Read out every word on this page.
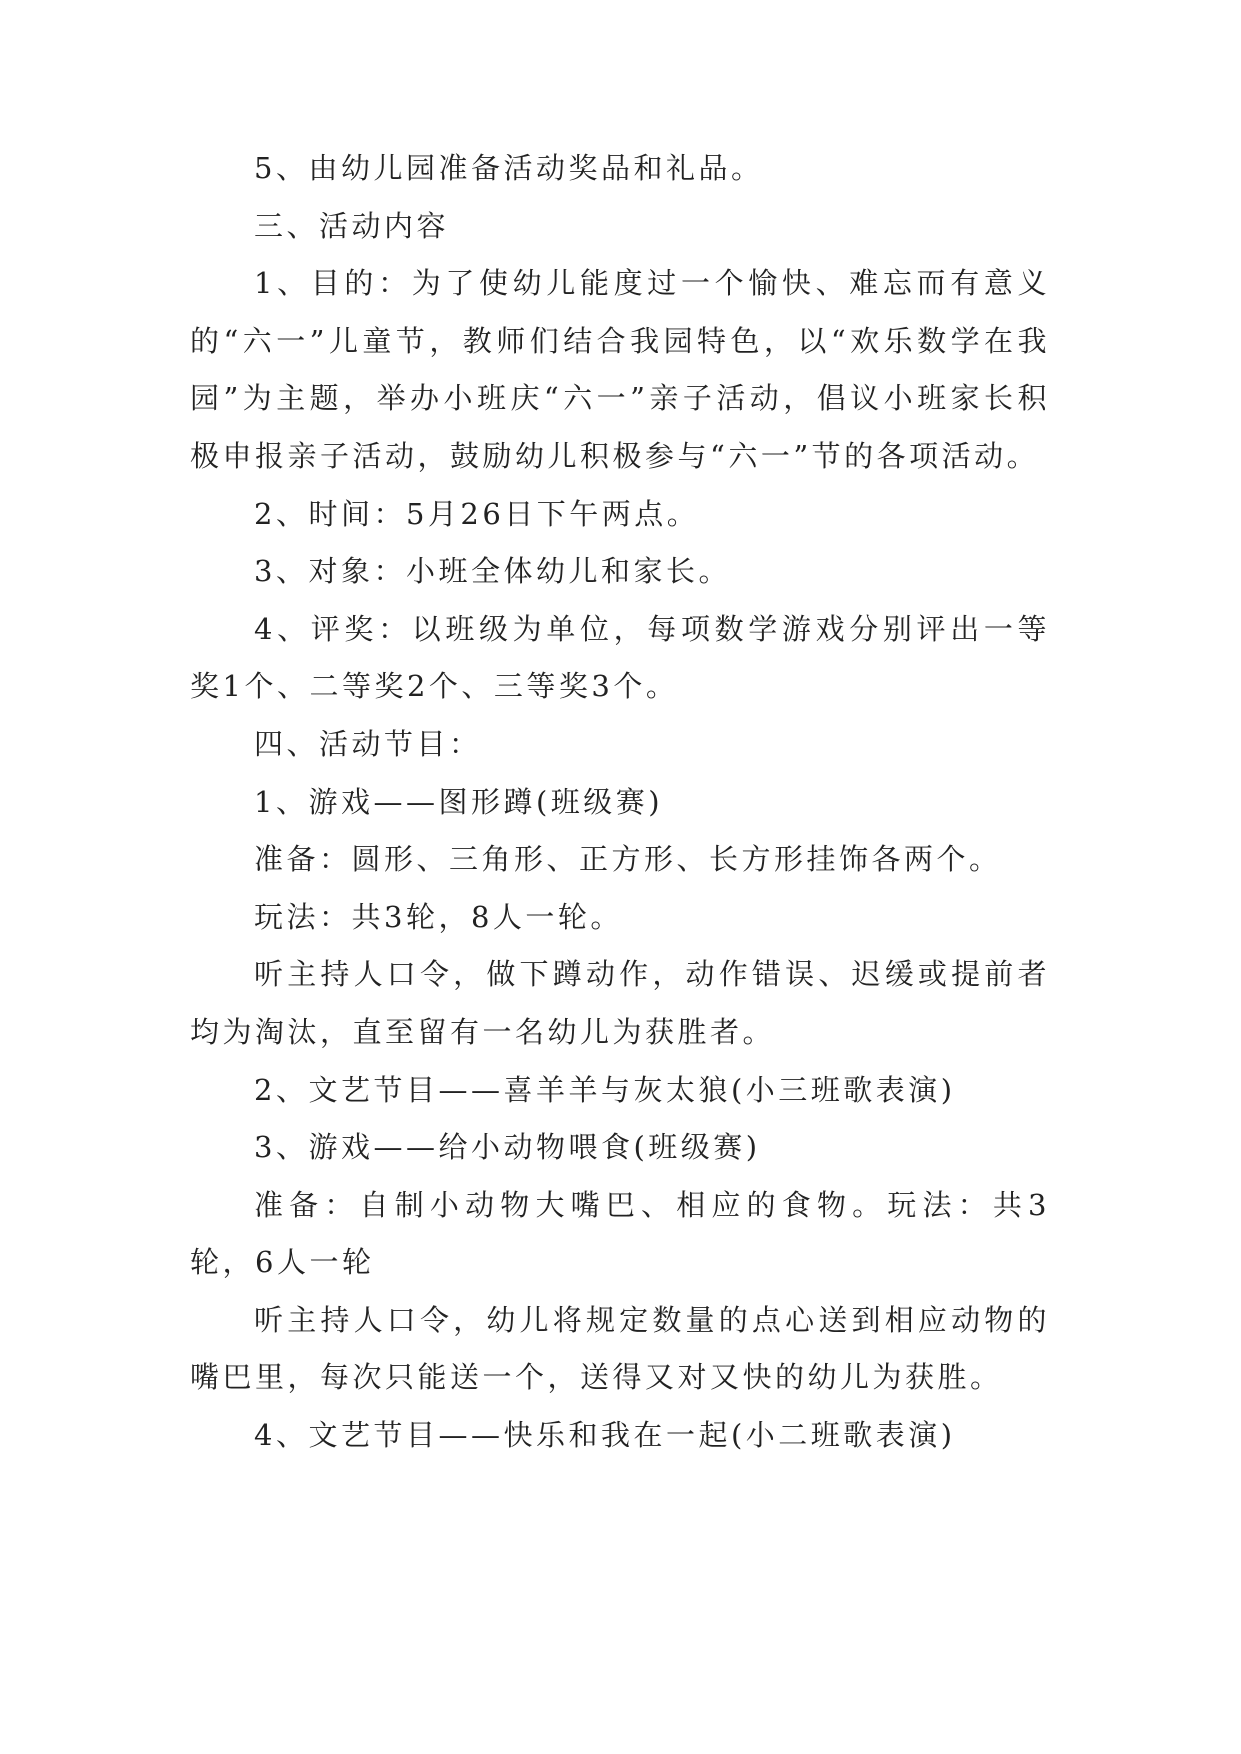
5、由幼儿园准备活动奖品和礼品。

三、活动内容

1、目的：为了使幼儿能度过一个愉快、难忘而有意义的“六一”儿童节，教师们结合我园特色，以“欢乐数学在我园”为主题，举办小班庆“六一”亲子活动，倡议小班家长积极申报亲子活动，鼓励幼儿积极参与“六一”节的各项活动。

2、时间：5月26日下午两点。

3、对象：小班全体幼儿和家长。

4、评奖：以班级为单位，每项数学游戏分别评出一等奖1个、二等奖2个、三等奖3个。

四、活动节目：

1、游戏——图形蹲(班级赛)

准备：圆形、三角形、正方形、长方形挂饰各两个。

玩法：共3轮，8人一轮。

听主持人口令，做下蹲动作，动作错误、迟缓或提前者均为淘汰，直至留有一名幼儿为获胜者。

2、文艺节目——喜羊羊与灰太狼(小三班歌表演)

3、游戏——给小动物喂食(班级赛)

准备：自制小动物大嘴巴、相应的食物。玩法：共3轮，6人一轮

听主持人口令，幼儿将规定数量的点心送到相应动物的嘴巴里，每次只能送一个，送得又对又快的幼儿为获胜。

4、文艺节目——快乐和我在一起(小二班歌表演)
